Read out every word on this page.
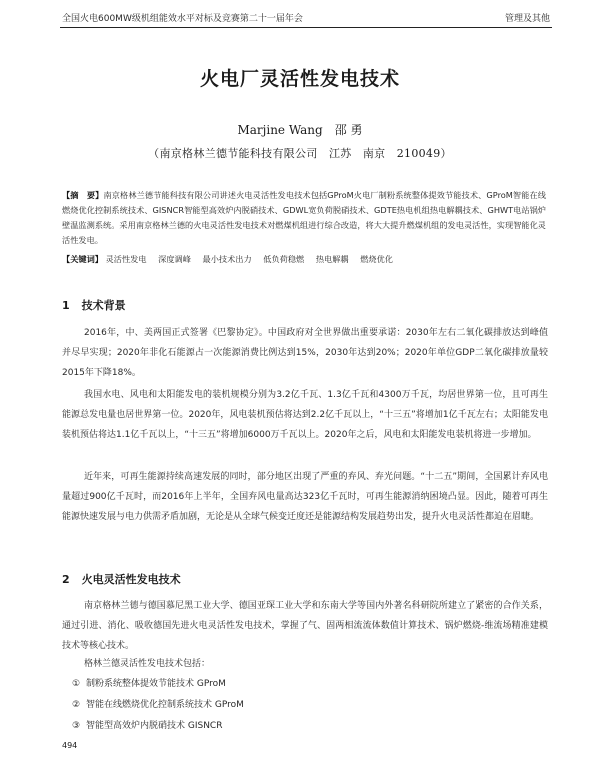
全国火电600MW级机组能效水平对标及竞赛第二十一届年会	管理及其他
火电厂灵活性发电技术
Marjine Wang　邵 勇
（南京格林兰德节能科技有限公司　江苏　南京　210049）
【摘　要】南京格林兰德节能科技有限公司讲述火电灵活性发电技术包括GProM火电厂制粉系统整体提效节能技术、GProM智能在线燃烧优化控制系统技术、GISNCR智能型高效炉内脱硝技术、GDWL宽负荷脱硝技术、GDTE热电机组热电解耦技术、GHWT电站锅炉壁温监测系统。采用南京格林兰德的火电灵活性发电技术对燃煤机组进行综合改造，将大大提升燃煤机组的发电灵活性，实现智能化灵活性发电。
【关键词】 灵活性发电 深度调峰 最小技术出力 低负荷稳燃 热电解耦 燃烧优化
1 技术背景
2016年，中、美两国正式签署《巴黎协定》。中国政府对全世界做出重要承诺：2030年左右二氧化碳排放达到峰值并尽早实现；2020年非化石能源占一次能源消费比例达到15%，2030年达到20%；2020年单位GDP二氧化碳排放量较2015年下降18%。
我国水电、风电和太阳能发电的装机规模分别为3.2亿千瓦、1.3亿千瓦和4300万千瓦，均居世界第一位，且可再生能源总发电量也居世界第一位。2020年，风电装机预估将达到2.2亿千瓦以上，“十三五”将增加1亿千瓦左右；太阳能发电装机预估将达1.1亿千瓦以上，“十三五”将增加6000万千瓦以上。2020年之后，风电和太阳能发电装机将进一步增加。
近年来，可再生能源持续高速发展的同时，部分地区出现了严重的弃风、弃光问题。“十二五”期间，全国累计弃风电量超过900亿千瓦时，而2016年上半年，全国弃风电量高达323亿千瓦时，可再生能源消纳困境凸显。因此，随着可再生能源快速发展与电力供需矛盾加剧，无论是从全球气候变迁度还是能源结构发展趋势出发，提升火电灵活性都迫在眉睫。
2 火电灵活性发电技术
南京格林兰德与德国慕尼黑工业大学、德国亚琛工业大学和东南大学等国内外著名科研院所建立了紧密的合作关系，通过引进、消化、吸收德国先进火电灵活性发电技术，掌握了气、固两相流流体数值计算技术、锅炉燃烧-维流场精准建模技术等核心技术。
格林兰德灵活性发电技术包括：
① 制粉系统整体提效节能技术 GProM
② 智能在线燃烧优化控制系统技术 GProM
③ 智能型高效炉内脱硝技术 GISNCR
494
